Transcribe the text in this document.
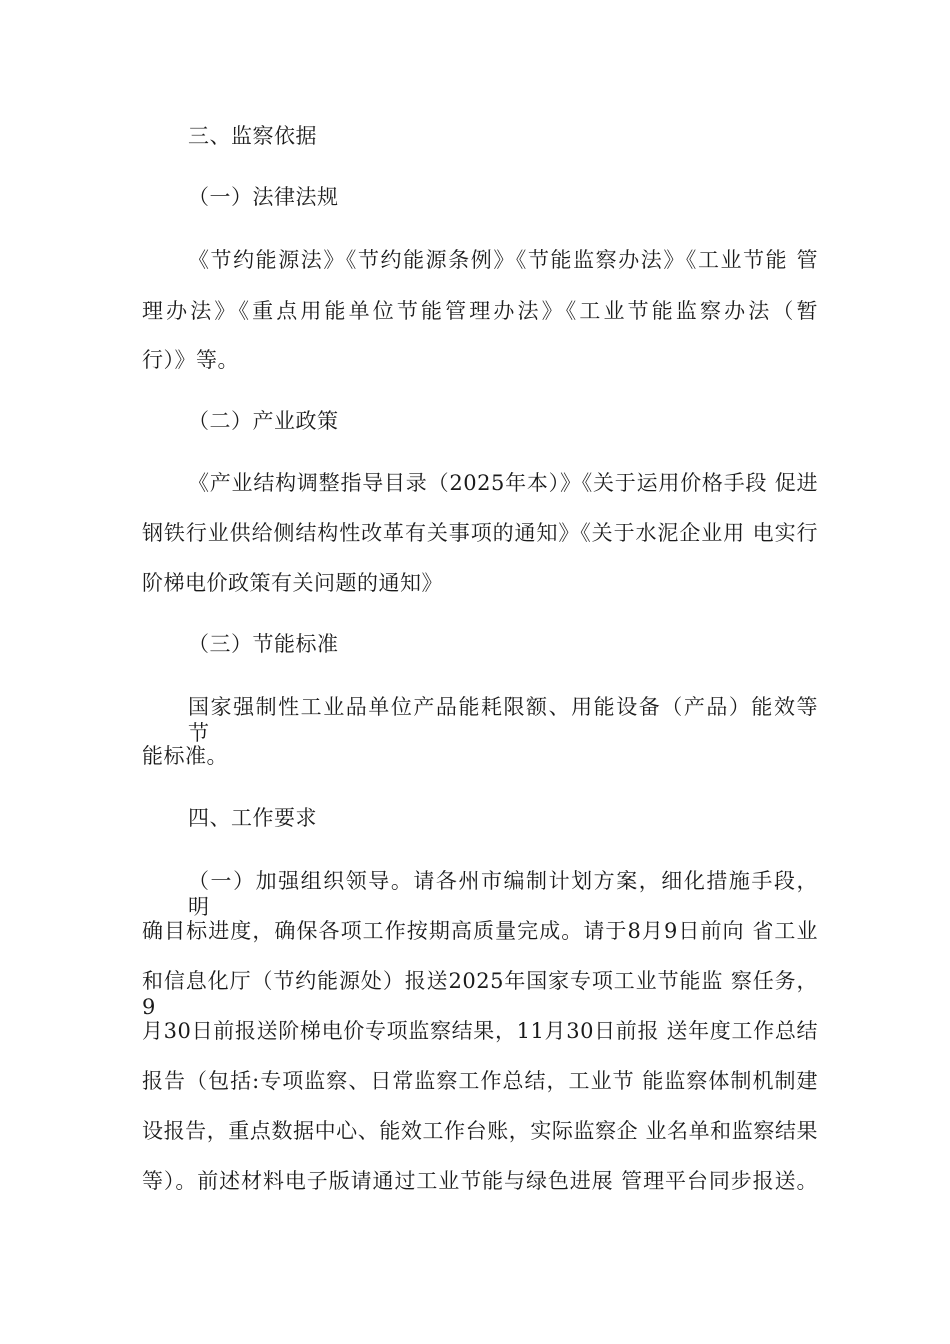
三、监察依据
（一）法律法规
《节约能源法》《节约能源条例》《节能监察办法》《工业节能 管
理办法》《重点用能单位节能管理办法》《工业节能监察办法（暂
行）》等。
（二）产业政策
《产业结构调整指导目录（2025年本）》《关于运用价格手段 促进
钢铁行业供给侧结构性改革有关事项的通知》《关于水泥企业用 电实行
阶梯电价政策有关问题的通知》
（三）节能标准
国家强制性工业品单位产品能耗限额、用能设备（产品）能效等 节
能标准。
四、工作要求
（一）加强组织领导。请各州市编制计划方案，细化措施手段， 明
确目标进度，确保各项工作按期高质量完成。请于8月9日前向 省工业
和信息化厅（节约能源处）报送2025年国家专项工业节能监 察任务，9
月30日前报送阶梯电价专项监察结果，11月30日前报 送年度工作总结
报告（包括:专项监察、日常监察工作总结，工业节 能监察体制机制建
设报告，重点数据中心、能效工作台账，实际监察企 业名单和监察结果
等）。前述材料电子版请通过工业节能与绿色进展 管理平台同步报送。
